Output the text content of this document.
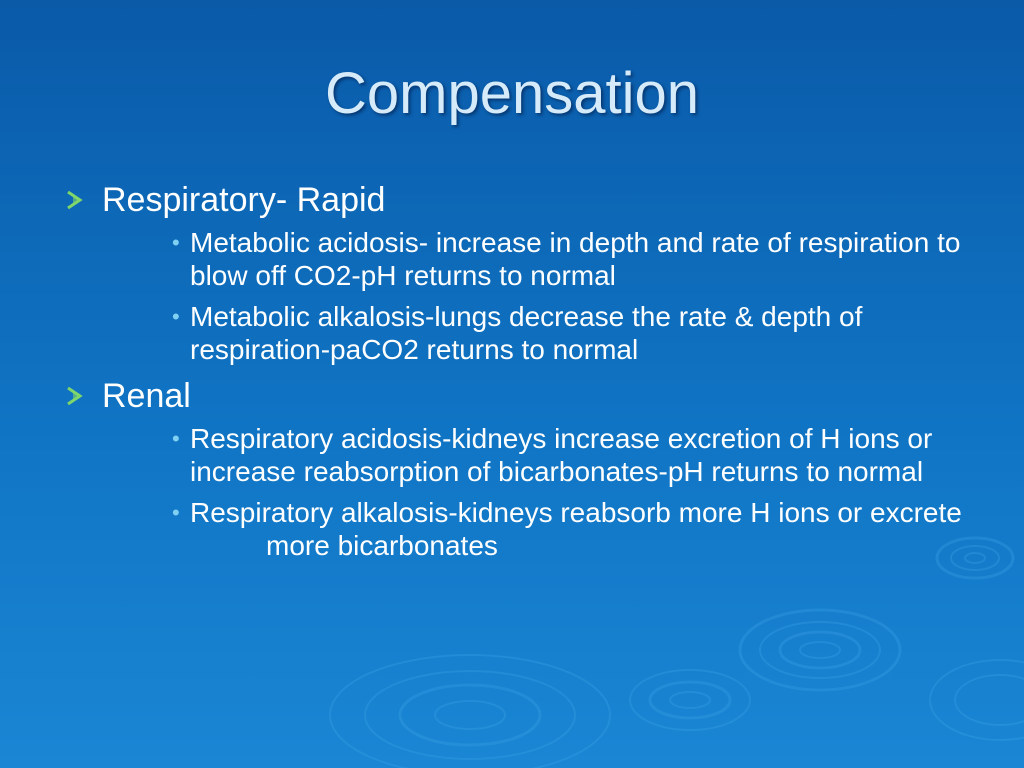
Compensation
Respiratory- Rapid
• Metabolic acidosis- increase in depth and rate of respiration to blow off CO2-pH returns to normal
• Metabolic alkalosis-lungs decrease the rate & depth of respiration-paCO2 returns to normal
Renal
• Respiratory acidosis-kidneys increase excretion of H ions or increase reabsorption of bicarbonates-pH returns to normal
• Respiratory alkalosis-kidneys reabsorb more H ions or excrete
more bicarbonates
